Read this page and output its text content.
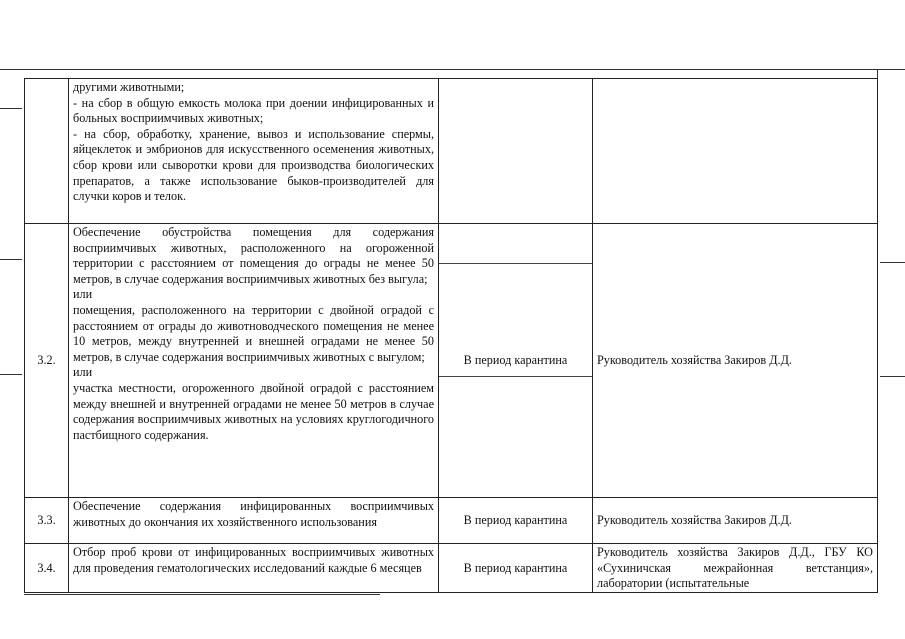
	другими животными;
- на сбор в общую емкость молока при доении инфицированных и больных восприимчивых животных;
- на сбор, обработку, хранение, вывоз и использование спермы, яйцеклеток и эмбрионов для искусственного осеменения животных, сбор крови или сыворотки крови для производства биологических препаратов, а также использование быков-производителей для случки коров и телок.		

3.2.	Обеспечение обустройства помещения для содержания восприимчивых животных, расположенного на огороженной территории с расстоянием от помещения до ограды не менее 50 метров, в случае содержания восприимчивых животных без выгула;
или
помещения, расположенного на территории с двойной оградой с расстоянием от ограды до животноводческого помещения не менее 10 метров, между внутренней и внешней оградами не менее 50 метров, в случае содержания восприимчивых животных с выгулом;
или
участка местности, огороженного двойной оградой с расстоянием между внешней и внутренней оградами не менее 50 метров в случае содержания восприимчивых животных на условиях круглогодичного пастбищного содержания.	В период карантина	Руководитель хозяйства Закиров Д.Д.
3.3.	Обеспечение содержания инфицированных восприимчивых животных до окончания их хозяйственного использования	В период карантина	Руководитель хозяйства Закиров Д.Д.
3.4.	Отбор проб крови от инфицированных восприимчивых животных для проведения гематологических исследований каждые 6 месяцев	В период карантина	Руководитель хозяйства Закиров Д.Д., ГБУ КО «Сухиничская межрайонная ветстанция», лаборатории (испытательные
